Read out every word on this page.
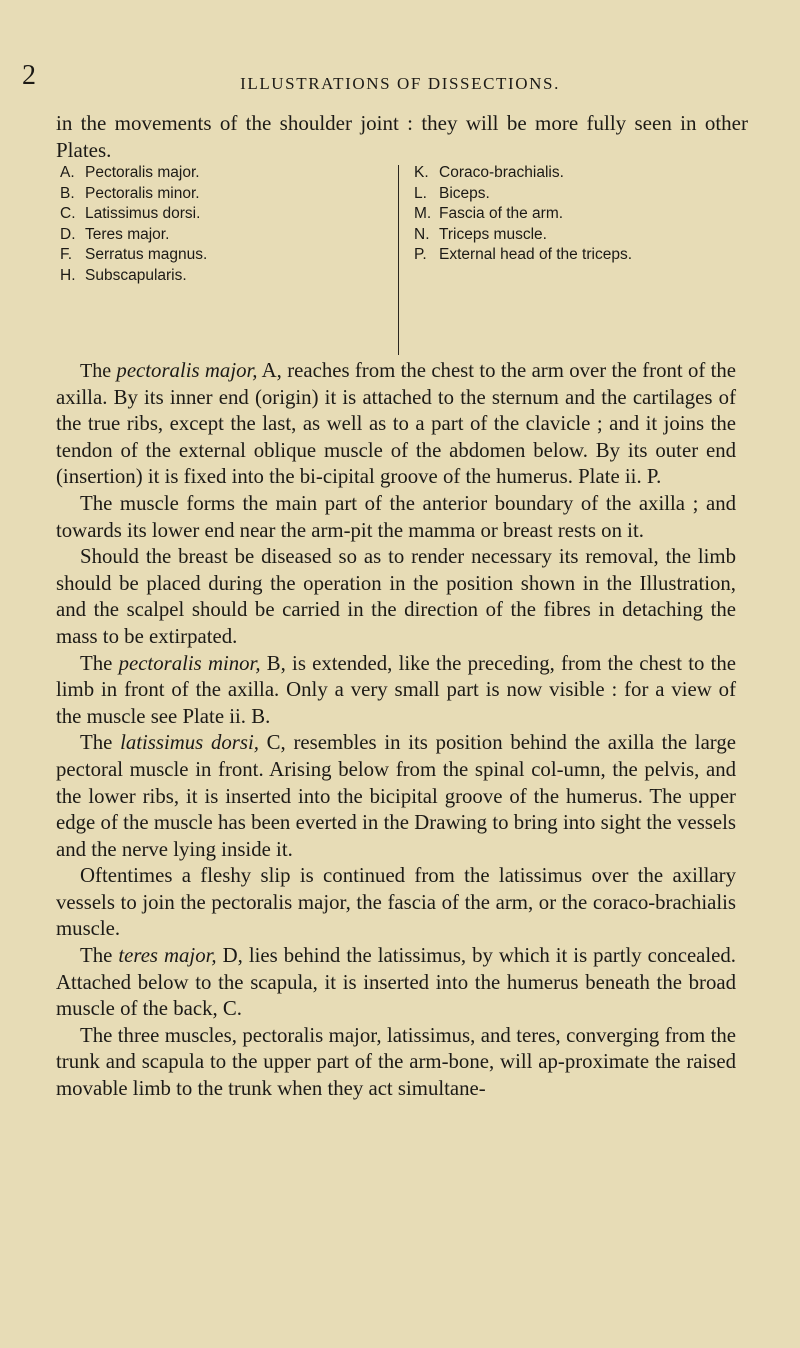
2	ILLUSTRATIONS OF DISSECTIONS.

in the movements of the shoulder joint : they will be more fully seen in other Plates.

A. Pectoralis major.
B. Pectoralis minor.
C. Latissimus dorsi.
D. Teres major.
F. Serratus magnus.
H. Subscapularis.
K. Coraco-brachialis.
L. Biceps.
M. Fascia of the arm.
N. Triceps muscle.
P. External head of the triceps.

The pectoralis major, A, reaches from the chest to the arm over the front of the axilla. By its inner end (origin) it is attached to the sternum and the cartilages of the true ribs, except the last, as well as to a part of the clavicle ; and it joins the tendon of the external oblique muscle of the abdomen below. By its outer end (insertion) it is fixed into the bi-cipital groove of the humerus. Plate ii. P.

The muscle forms the main part of the anterior boundary of the axilla ; and towards its lower end near the arm-pit the mamma or breast rests on it.

Should the breast be diseased so as to render necessary its removal, the limb should be placed during the operation in the position shown in the Illustration, and the scalpel should be carried in the direction of the fibres in detaching the mass to be extirpated.

The pectoralis minor, B, is extended, like the preceding, from the chest to the limb in front of the axilla. Only a very small part is now visible : for a view of the muscle see Plate ii. B.

The latissimus dorsi, C, resembles in its position behind the axilla the large pectoral muscle in front. Arising below from the spinal col-umn, the pelvis, and the lower ribs, it is inserted into the bicipital groove of the humerus. The upper edge of the muscle has been everted in the Drawing to bring into sight the vessels and the nerve lying inside it.

Oftentimes a fleshy slip is continued from the latissimus over the axillary vessels to join the pectoralis major, the fascia of the arm, or the coraco-brachialis muscle.

The teres major, D, lies behind the latissimus, by which it is partly concealed. Attached below to the scapula, it is inserted into the humerus beneath the broad muscle of the back, C.

The three muscles, pectoralis major, latissimus, and teres, converging from the trunk and scapula to the upper part of the arm-bone, will ap-proximate the raised movable limb to the trunk when they act simultane-
